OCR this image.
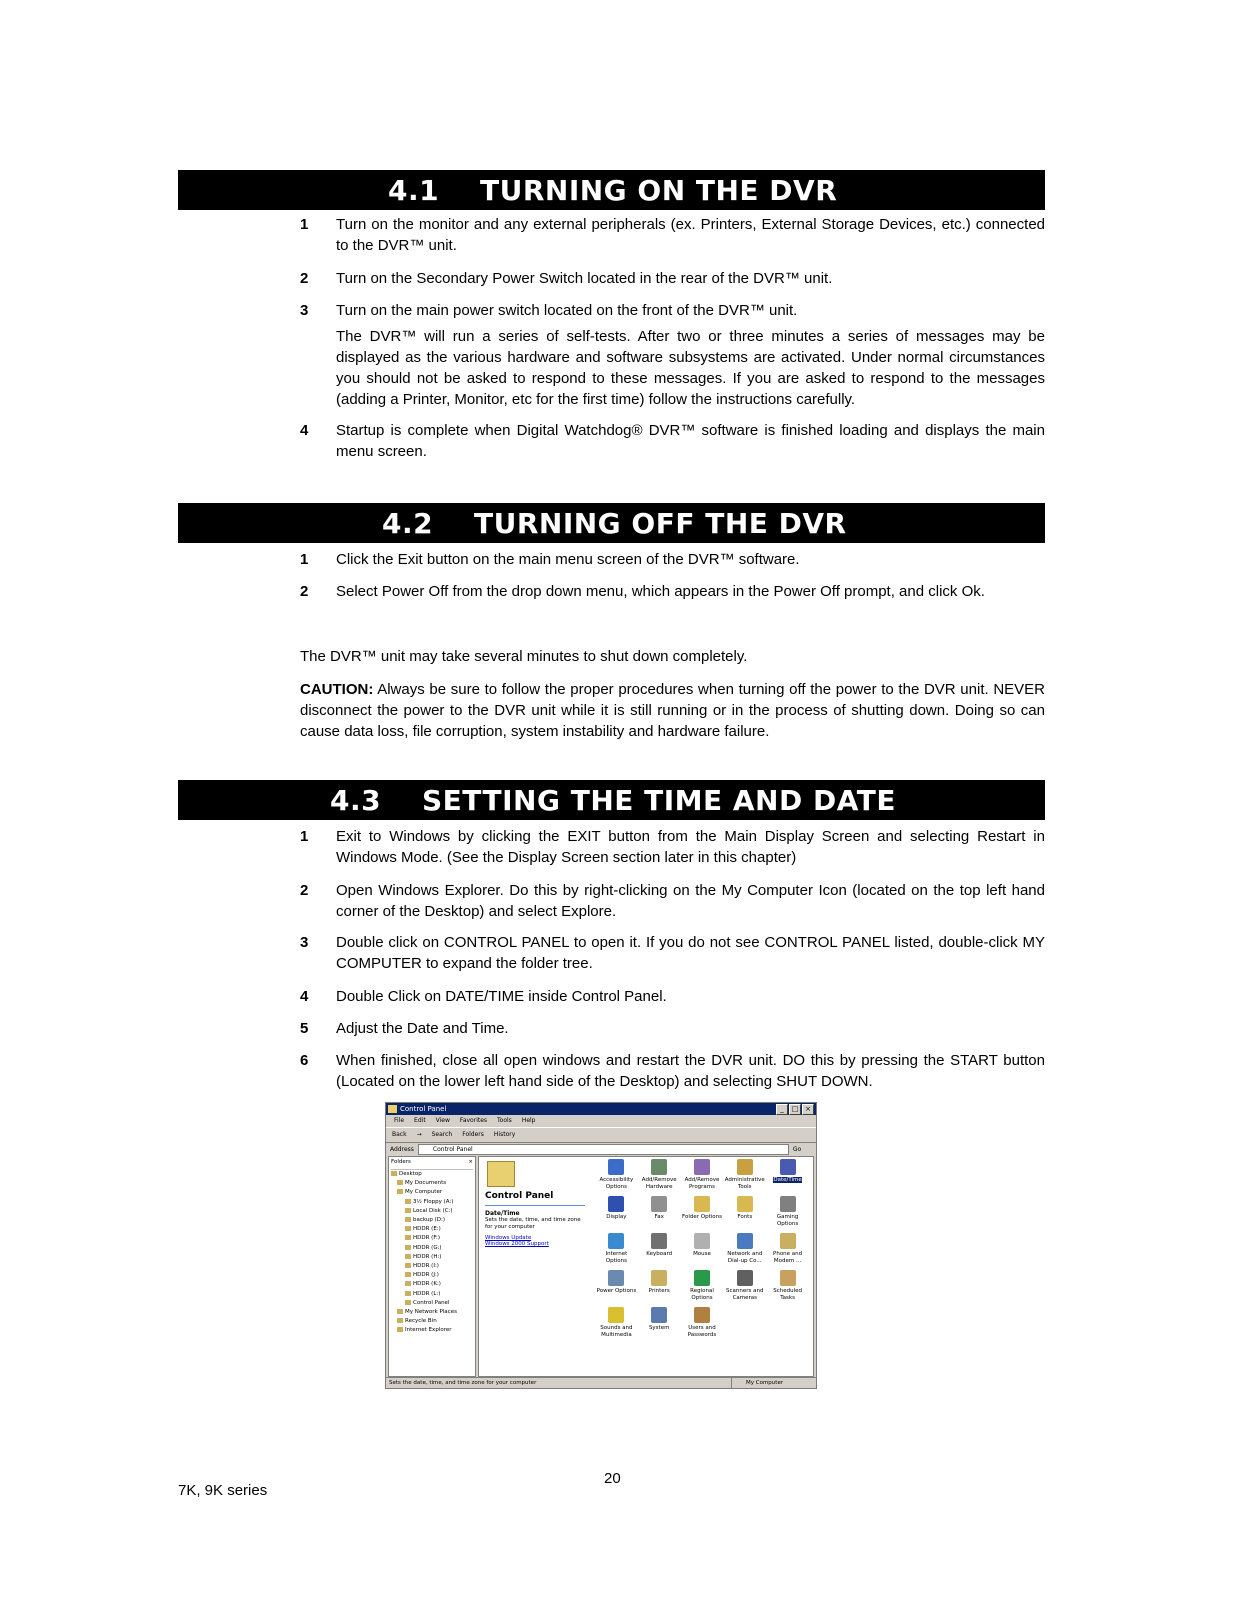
4.1 TURNING ON THE DVR
1 Turn on the monitor and any external peripherals (ex. Printers, External Storage Devices, etc.) connected to the DVR™ unit.
2 Turn on the Secondary Power Switch located in the rear of the DVR™ unit.
3 Turn on the main power switch located on the front of the DVR™ unit.
The DVR™ will run a series of self-tests. After two or three minutes a series of messages may be displayed as the various hardware and software subsystems are activated. Under normal circumstances you should not be asked to respond to these messages. If you are asked to respond to the messages (adding a Printer, Monitor, etc for the first time) follow the instructions carefully.
4 Startup is complete when Digital Watchdog® DVR™ software is finished loading and displays the main menu screen.
4.2 TURNING OFF THE DVR
1 Click the Exit button on the main menu screen of the DVR™ software.
2 Select Power Off from the drop down menu, which appears in the Power Off prompt, and click Ok.
The DVR™ unit may take several minutes to shut down completely.
CAUTION: Always be sure to follow the proper procedures when turning off the power to the DVR unit. NEVER disconnect the power to the DVR unit while it is still running or in the process of shutting down. Doing so can cause data loss, file corruption, system instability and hardware failure.
4.3 SETTING THE TIME AND DATE
1 Exit to Windows by clicking the EXIT button from the Main Display Screen and selecting Restart in Windows Mode. (See the Display Screen section later in this chapter)
2 Open Windows Explorer. Do this by right-clicking on the My Computer Icon (located on the top left hand corner of the Desktop) and select Explore.
3 Double click on CONTROL PANEL to open it. If you do not see CONTROL PANEL listed, double-click MY COMPUTER to expand the folder tree.
4 Double Click on DATE/TIME inside Control Panel.
5 Adjust the Date and Time.
6 When finished, close all open windows and restart the DVR unit. DO this by pressing the START button (Located on the lower left hand side of the Desktop) and selecting SHUT DOWN.
Control Panel	_	□ ×
File Edit View Favorites Tools Help
Back → Search Folders History
Address	Control Panel	Go
Folders	×
Desktop
My Documents
My Computer
3½ Floppy (A:)
Local Disk (C:)
backup (D:)
HDDR (E:)
HDDR (F:)
HDDR (G:)
HDDR (H:)
HDDR (I:)
HDDR (J:)
HDDR (K:)
HDDR (L:)
Control Panel
My Network Places
Recycle Bin
Internet Explorer
Control Panel
Date/Time
Sets the date, time, and time zone for your computer
Windows Update
Windows 2000 Support
Accessibility Options
Add/Remove Hardware
Add/Remove Programs
Administrative Tools
Date/Time
Display	Fax	Folder Options	Fonts	Gaming Options
Internet Options
Keyboard	Mouse	Network and Dial-up Co...
Phone and Modem ...
Power Options	Printers	Regional Options
Scanners and Cameras
Scheduled Tasks
Sounds and Multimedia
System	Users and Passwords
Sets the date, time, and time zone for your computer	My Computer
20
7K, 9K series
